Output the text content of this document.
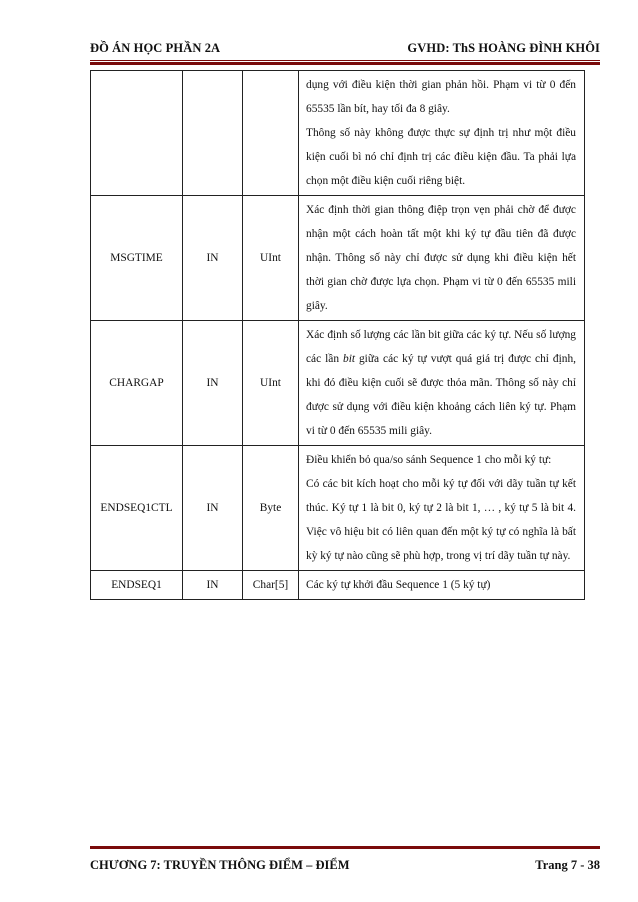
ĐỒ ÁN HỌC PHẦN 2A	GVHD: ThS HOÀNG ĐÌNH KHÔI

			dụng với điều kiện thời gian phản hồi. Phạm vi từ 0 đến 65535 lần bít, hay tối đa 8 giây.

Thông số này không được thực sự định trị như một điều kiện cuối bì nó chỉ định trị các điều kiện đầu. Ta phải lựa chọn một điều kiện cuối riêng biệt.

MSGTIME	IN	UInt	Xác định thời gian thông điệp trọn vẹn phải chờ để được nhận một cách hoàn tất một khi ký tự đầu tiên đã được nhận. Thông số này chỉ được sử dụng khi điều kiện hết thời gian chờ được lựa chọn. Phạm vi từ 0 đến 65535 mili giây.

CHARGAP	IN	UInt	Xác định số lượng các lần bit giữa các ký tự. Nếu số lượng các lần bit giữa các ký tự vượt quá giá trị được chỉ định, khi đó điều kiện cuối sẽ được thỏa mãn. Thông số này chỉ được sử dụng với điều kiện khoảng cách liên ký tự. Phạm vi từ 0 đến 65535 mili giây.

ENDSEQ1CTL	IN	Byte	Điều khiển bỏ qua/so sánh Sequence 1 cho mỗi ký tự:

Có các bit kích hoạt cho mỗi ký tự đối với dãy tuần tự kết thúc. Ký tự 1 là bit 0, ký tự 2 là bit 1, … , ký tự 5 là bit 4. Việc vô hiệu bit có liên quan đến một ký tự có nghĩa là bất kỳ ký tự nào cũng sẽ phù hợp, trong vị trí dãy tuần tự này.

ENDSEQ1	IN	Char[5]	Các ký tự khởi đầu Sequence 1 (5 ký tự)

CHƯƠNG 7: TRUYỀN THÔNG ĐIỂM – ĐIỂM	Trang 7 - 38
